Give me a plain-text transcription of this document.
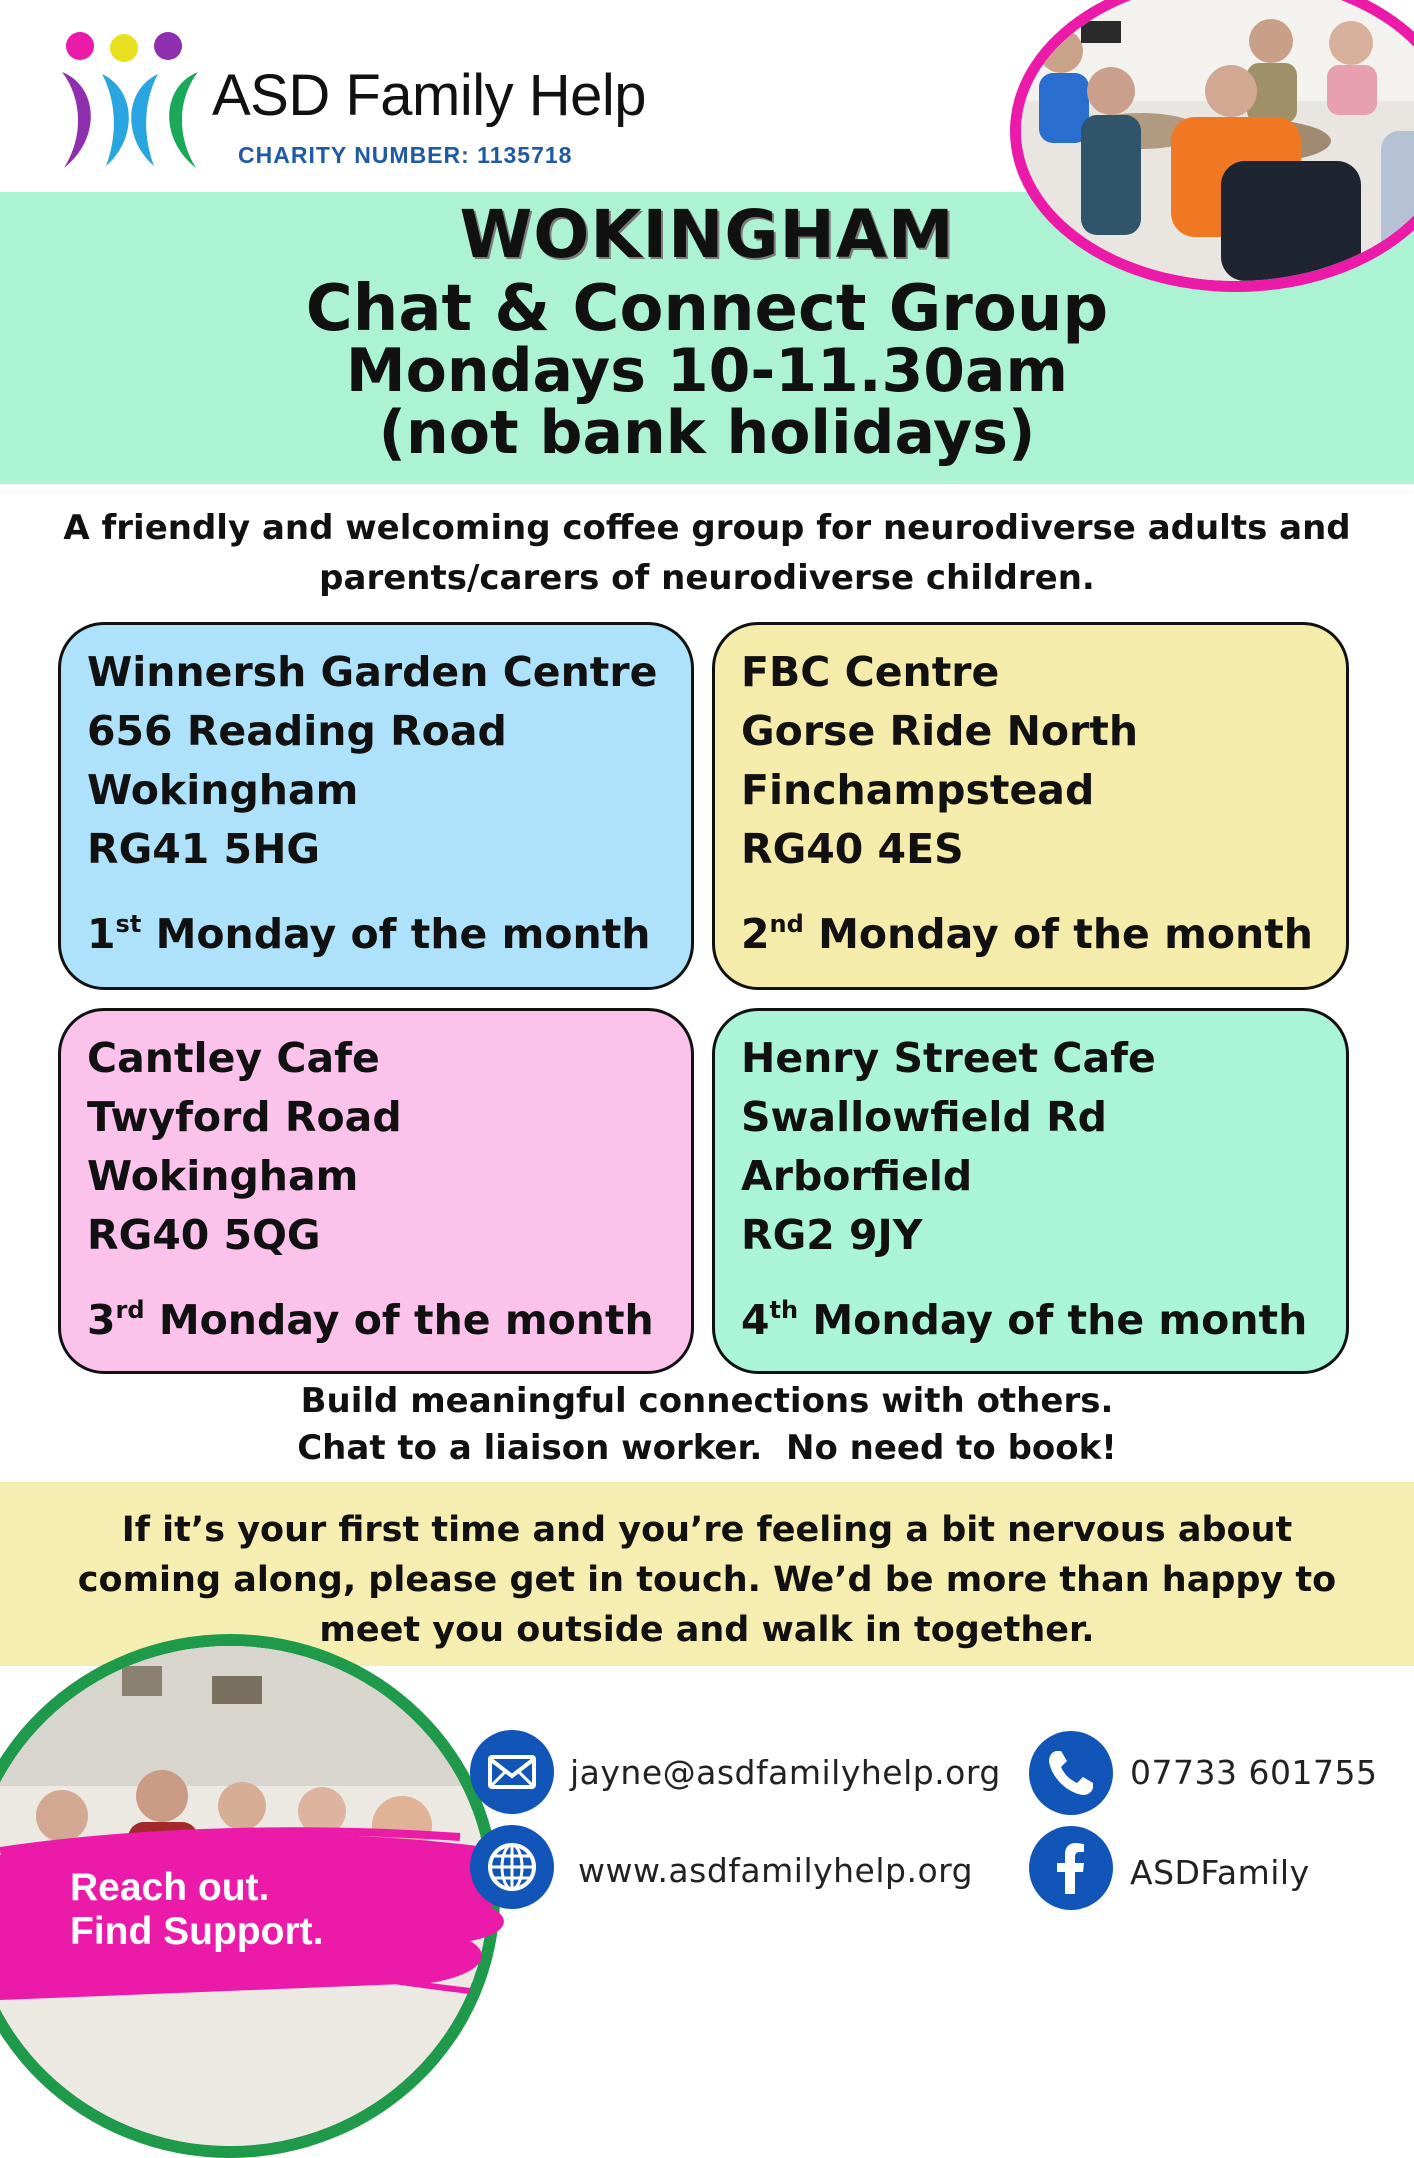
ASD Family Help
CHARITY NUMBER: 1135718
WOKINGHAM
Chat & Connect Group
Mondays 10-11.30am
(not bank holidays)
A friendly and welcoming coffee group for neurodiverse adults and parents/carers of neurodiverse children.
Winnersh Garden Centre
656 Reading Road
Wokingham
RG41 5HG
1st Monday of the month
FBC Centre
Gorse Ride North
Finchampstead
RG40 4ES
2nd Monday of the month
Cantley Cafe
Twyford Road
Wokingham
RG40 5QG
3rd Monday of the month
Henry Street Cafe
Swallowfield Rd
Arborfield
RG2 9JY
4th Monday of the month
Build meaningful connections with others.
Chat to a liaison worker.  No need to book!
If it’s your first time and you’re feeling a bit nervous about coming along, please get in touch. We’d be more than happy to meet you outside and walk in together.
Reach out.
Find Support.
jayne@asdfamilyhelp.org
www.asdfamilyhelp.org
07733 601755
ASDFamily
